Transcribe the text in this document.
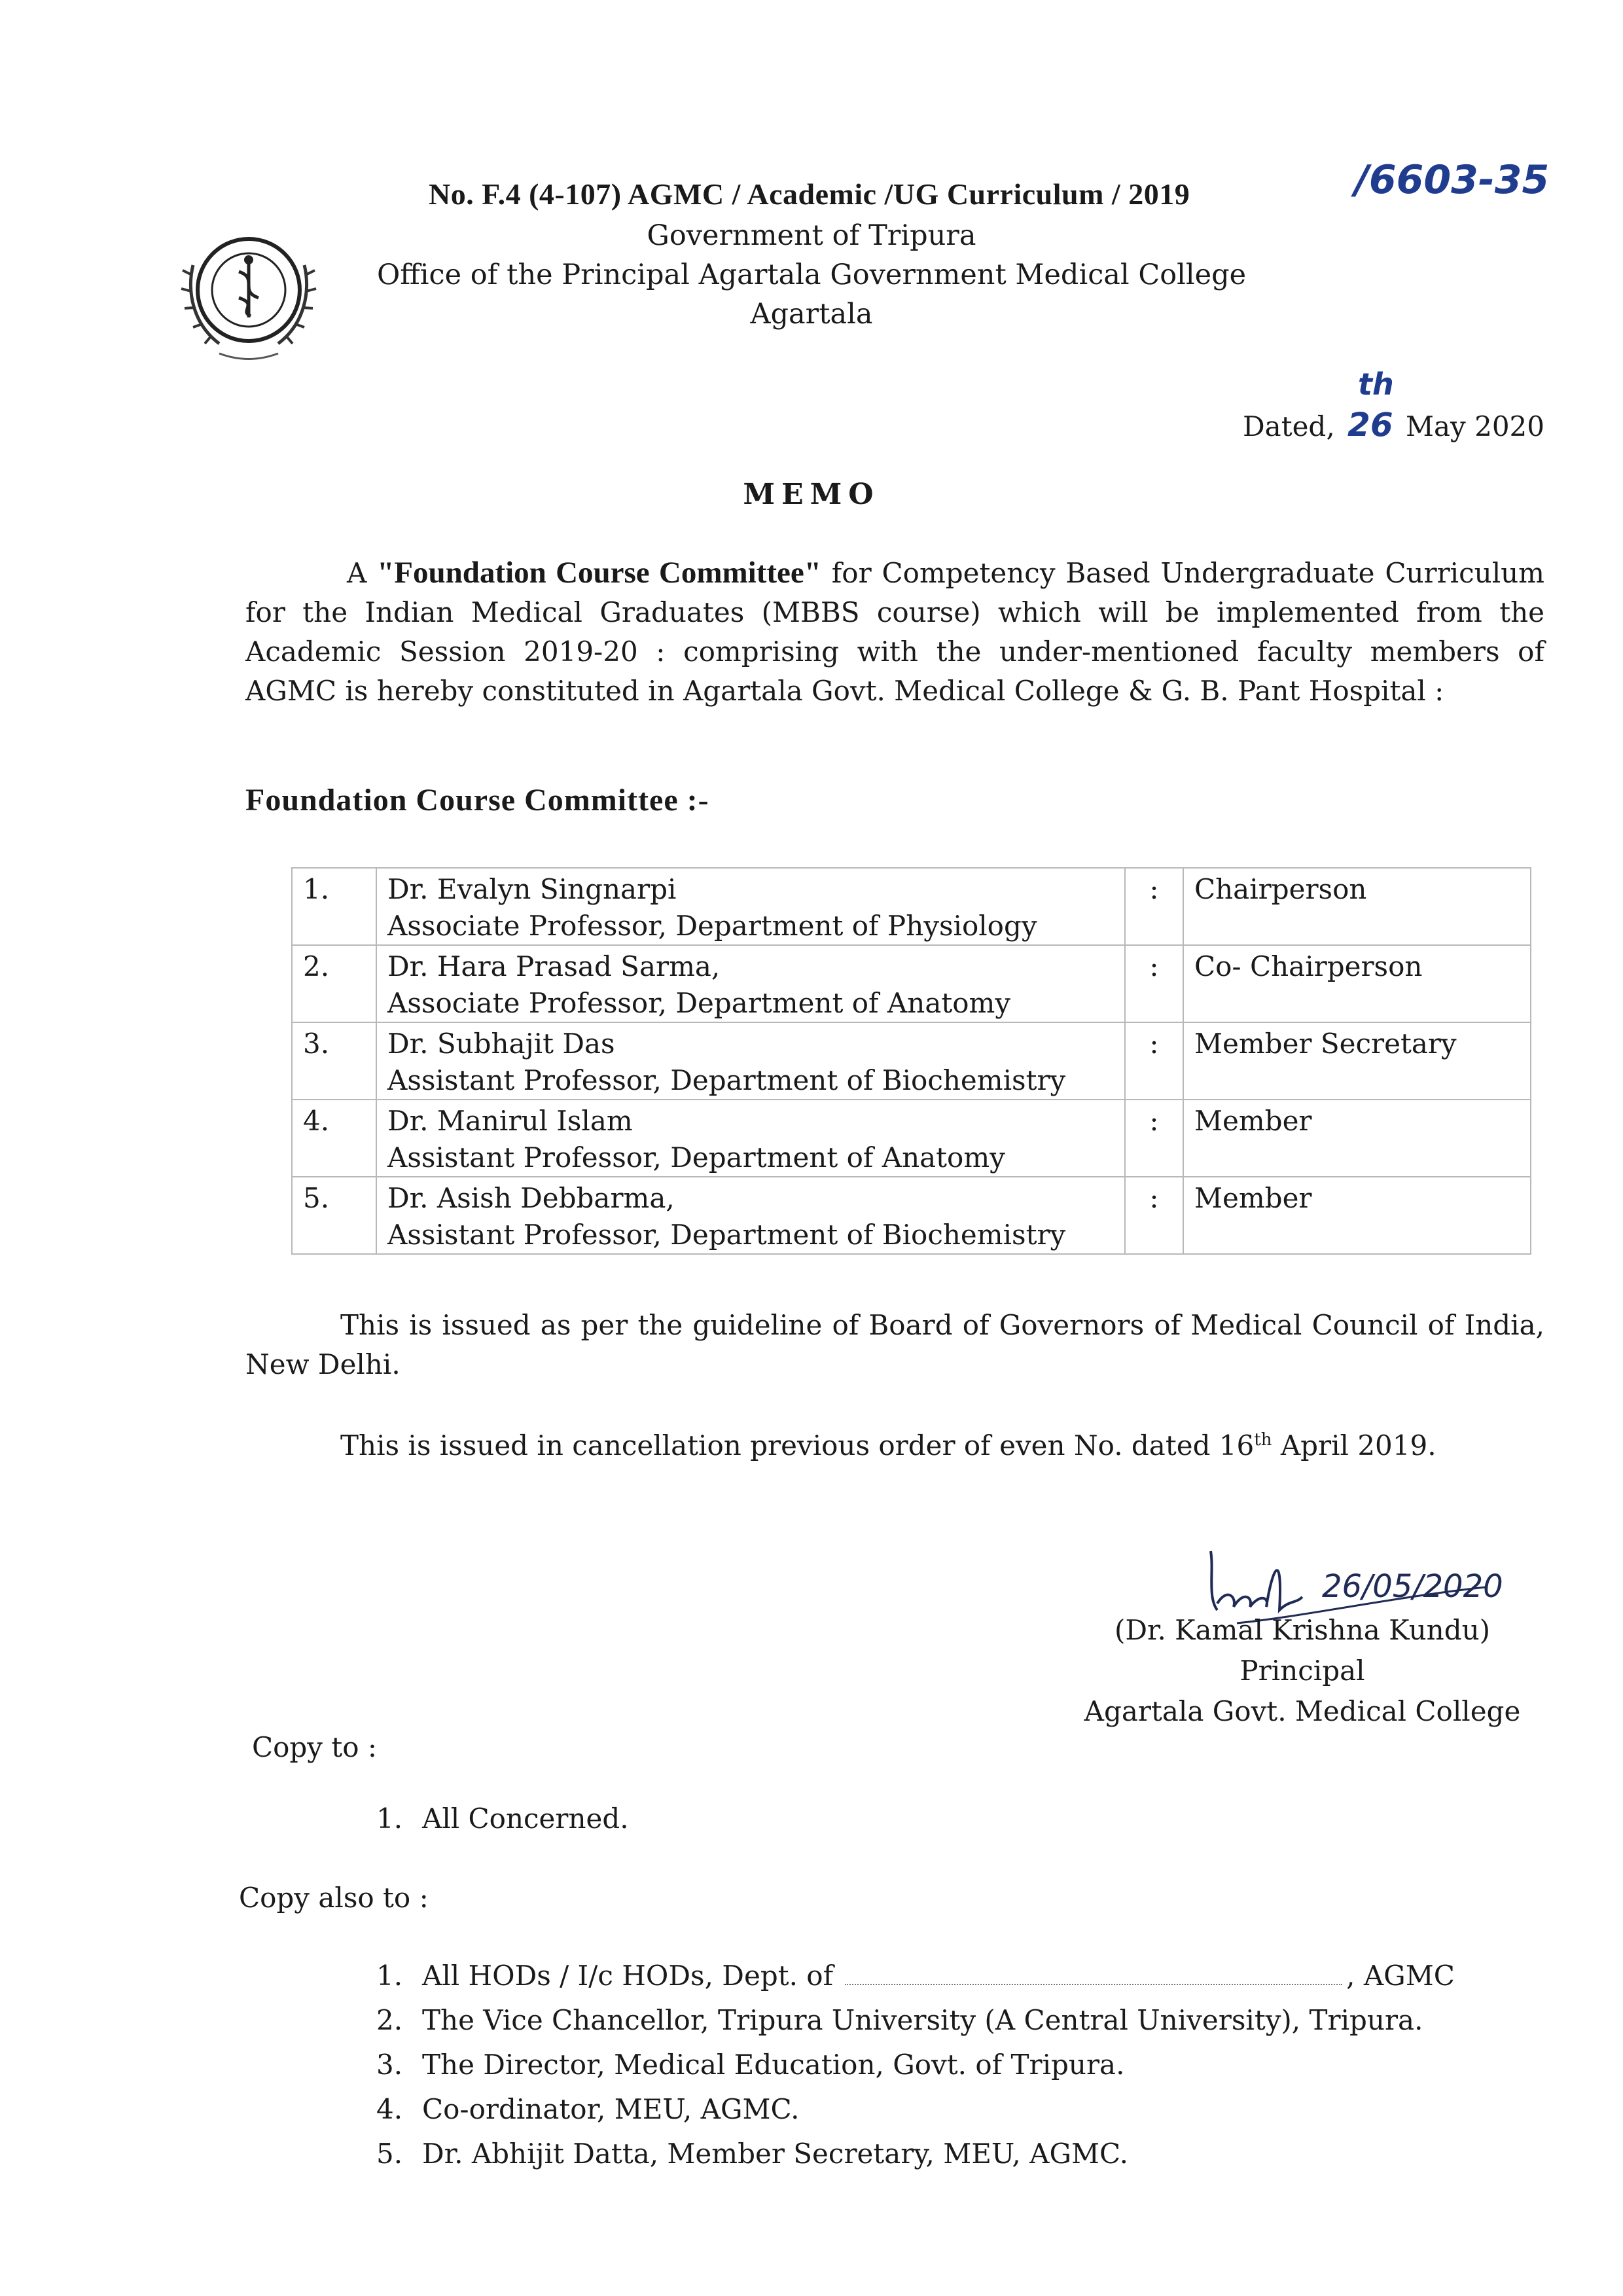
No. F.4 (4-107) AGMC / Academic /UG Curriculum / 2019	/6603-35
Government of Tripura
Office of the Principal Agartala Government Medical College
Agartala
th
Dated, 26 May 2020
MEMO
A "Foundation Course Committee" for Competency Based Undergraduate Curriculum for the Indian Medical Graduates (MBBS course) which will be implemented from the Academic Session 2019-20 : comprising with the under-mentioned faculty members of AGMC is hereby constituted in Agartala Govt. Medical College & G. B. Pant Hospital :
Foundation Course Committee :-
1.	Dr. Evalyn Singnarpi
Associate Professor, Department of Physiology	:	Chairperson
2.	Dr. Hara Prasad Sarma,
Associate Professor, Department of Anatomy	:	Co- Chairperson
3.	Dr. Subhajit Das
Assistant Professor, Department of Biochemistry	:	Member Secretary
4.	Dr. Manirul Islam
Assistant Professor, Department of Anatomy	:	Member
5.	Dr. Asish Debbarma,
Assistant Professor, Department of Biochemistry	:	Member
This is issued as per the guideline of Board of Governors of Medical Council of India, New Delhi.
This is issued in cancellation previous order of even No. dated 16th April 2019.
26/05/2020
(Dr. Kamal Krishna Kundu)
Principal
Agartala Govt. Medical College
Copy to :
1. All Concerned.
Copy also to :
1. All HODs / I/c HODs, Dept. of	, AGMC
2. The Vice Chancellor, Tripura University (A Central University), Tripura.
3. The Director, Medical Education, Govt. of Tripura.
4. Co-ordinator, MEU, AGMC.
5. Dr. Abhijit Datta, Member Secretary, MEU, AGMC.
